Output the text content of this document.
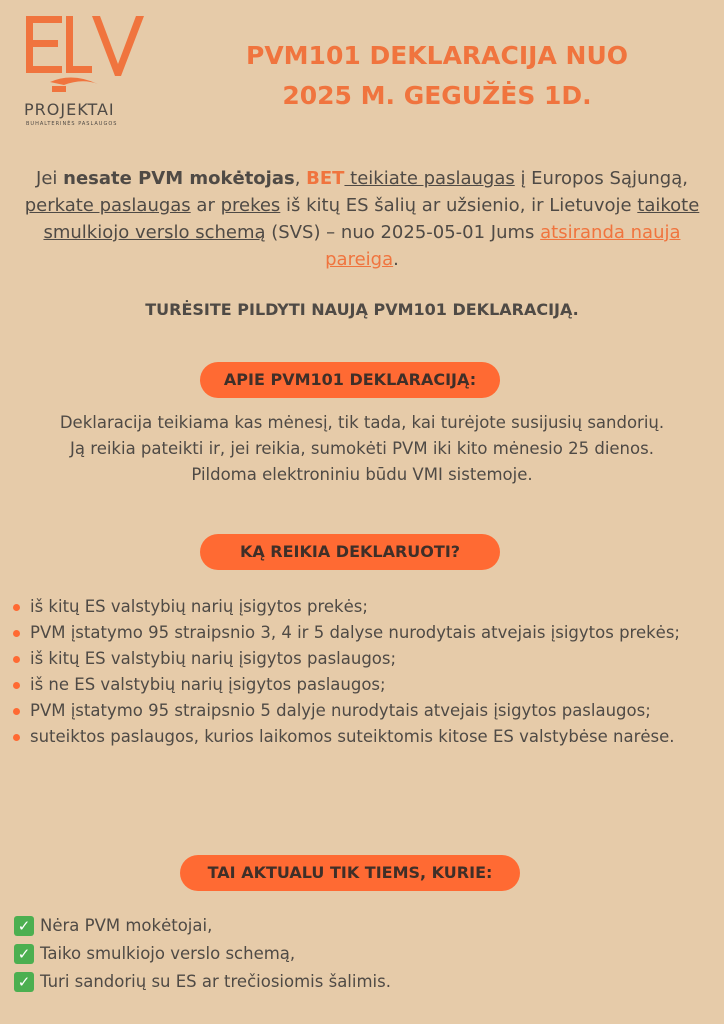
PROJEKTAI
BUHALTERINĖS PASLAUGOS
PVM101 DEKLARACIJA NUO
2025 M. GEGUŽĖS 1D.
Jei nesate PVM mokėtojas, BET teikiate paslaugas į Europos Sąjungą, perkate paslaugas ar prekes iš kitų ES šalių ar užsienio, ir Lietuvoje taikote smulkiojo verslo schemą (SVS) – nuo 2025-05-01 Jums atsiranda nauja pareiga.
TURĖSITE PILDYTI NAUJĄ PVM101 DEKLARACIJĄ.
APIE PVM101 DEKLARACIJĄ:
Deklaracija teikiama kas mėnesį, tik tada, kai turėjote susijusių sandorių.
Ją reikia pateikti ir, jei reikia, sumokėti PVM iki kito mėnesio 25 dienos.
Pildoma elektroniniu būdu VMI sistemoje.
KĄ REIKIA DEKLARUOTI?
iš kitų ES valstybių narių įsigytos prekės;
PVM įstatymo 95 straipsnio 3, 4 ir 5 dalyse nurodytais atvejais įsigytos prekės;
iš kitų ES valstybių narių įsigytos paslaugos;
iš ne ES valstybių narių įsigytos paslaugos;
PVM įstatymo 95 straipsnio 5 dalyje nurodytais atvejais įsigytos paslaugos;
suteiktos paslaugos, kurios laikomos suteiktomis kitose ES valstybėse narėse.
TAI AKTUALU TIK TIEMS, KURIE:
✓ Nėra PVM mokėtojai,
✓ Taiko smulkiojo verslo schemą,
✓ Turi sandorių su ES ar trečiosiomis šalimis.
